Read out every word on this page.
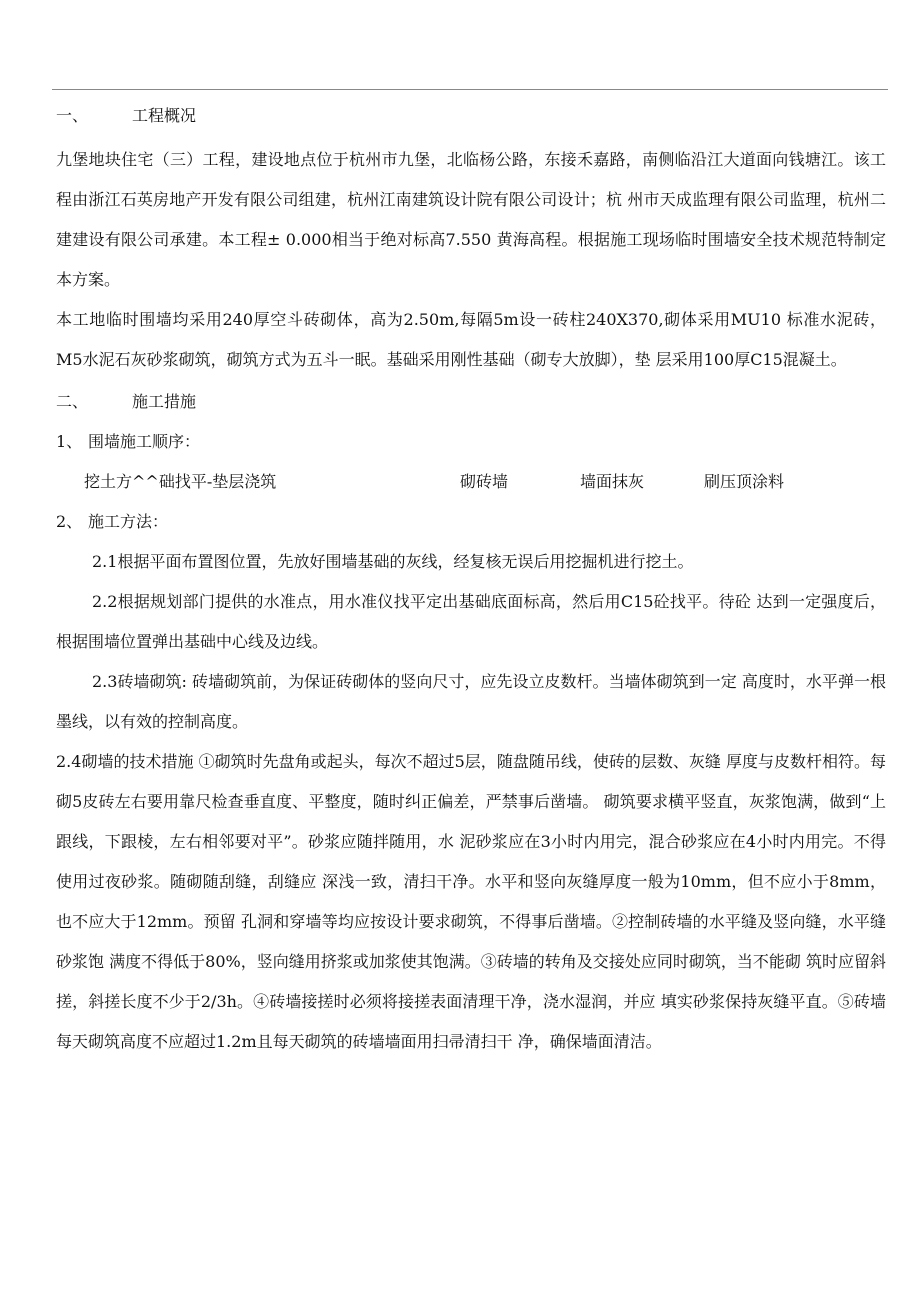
一、	工程概况

九堡地块住宅（三）工程，建设地点位于杭州市九堡，北临杨公路，东接禾嘉路，南侧临沿江大道面向钱塘江。该工程由浙江石英房地产开发有限公司组建，杭州江南建筑设计院有限公司设计；杭 州市天成监理有限公司监理，杭州二建建设有限公司承建。本工程± 0.000相当于绝对标高7.550 黄海高程。根据施工现场临时围墙安全技术规范特制定本方案。

本工地临时围墙均采用240厚空斗砖砌体，高为2.50m,每隔5m设一砖柱240X370,砌体采用MU10 标准水泥砖，M5水泥石灰砂浆砌筑，砌筑方式为五斗一眠。基础采用刚性基础（砌专大放脚），垫 层采用100厚C15混凝土。

二、	施工措施
1、 围墙施工顺序：
挖土方^^础找平-垫层浇筑	砌砖墙	墙面抹灰	刷压顶涂料
2、 施工方法：

2.1根据平面布置图位置，先放好围墙基础的灰线，经复核无误后用挖掘机进行挖土。

2.2根据规划部门提供的水准点，用水准仪找平定出基础底面标高，然后用C15砼找平。待砼 达到一定强度后，根据围墙位置弹出基础中心线及边线。

2.3砖墙砌筑: 砖墙砌筑前，为保证砖砌体的竖向尺寸，应先设立皮数杆。当墙体砌筑到一定 高度时，水平弹一根墨线，以有效的控制高度。

2.4砌墙的技术措施 ①砌筑时先盘角或起头，每次不超过5层，随盘随吊线，使砖的层数、灰缝 厚度与皮数杆相符。每砌5皮砖左右要用靠尺检查垂直度、平整度，随时纠正偏差，严禁事后凿墙。 砌筑要求横平竖直，灰浆饱满，做到“上跟线，下跟棱，左右相邻要对平”。砂浆应随拌随用，水 泥砂浆应在3小时内用完，混合砂浆应在4小时内用完。不得使用过夜砂浆。随砌随刮缝，刮缝应 深浅一致，清扫干净。水平和竖向灰缝厚度一般为10mm，但不应小于8mm，也不应大于12mm。预留 孔洞和穿墙等均应按设计要求砌筑，不得事后凿墙。②控制砖墙的水平缝及竖向缝，水平缝砂浆饱 满度不得低于80%，竖向缝用挤浆或加浆使其饱满。③砖墙的转角及交接处应同时砌筑，当不能砌 筑时应留斜搓，斜搓长度不少于2/3h。④砖墙接搓时必须将接搓表面清理干净，浇水湿润，并应 填实砂浆保持灰缝平直。⑤砖墙每天砌筑高度不应超过1.2m且每天砌筑的砖墙墙面用扫帚清扫干 净，确保墙面清洁。
